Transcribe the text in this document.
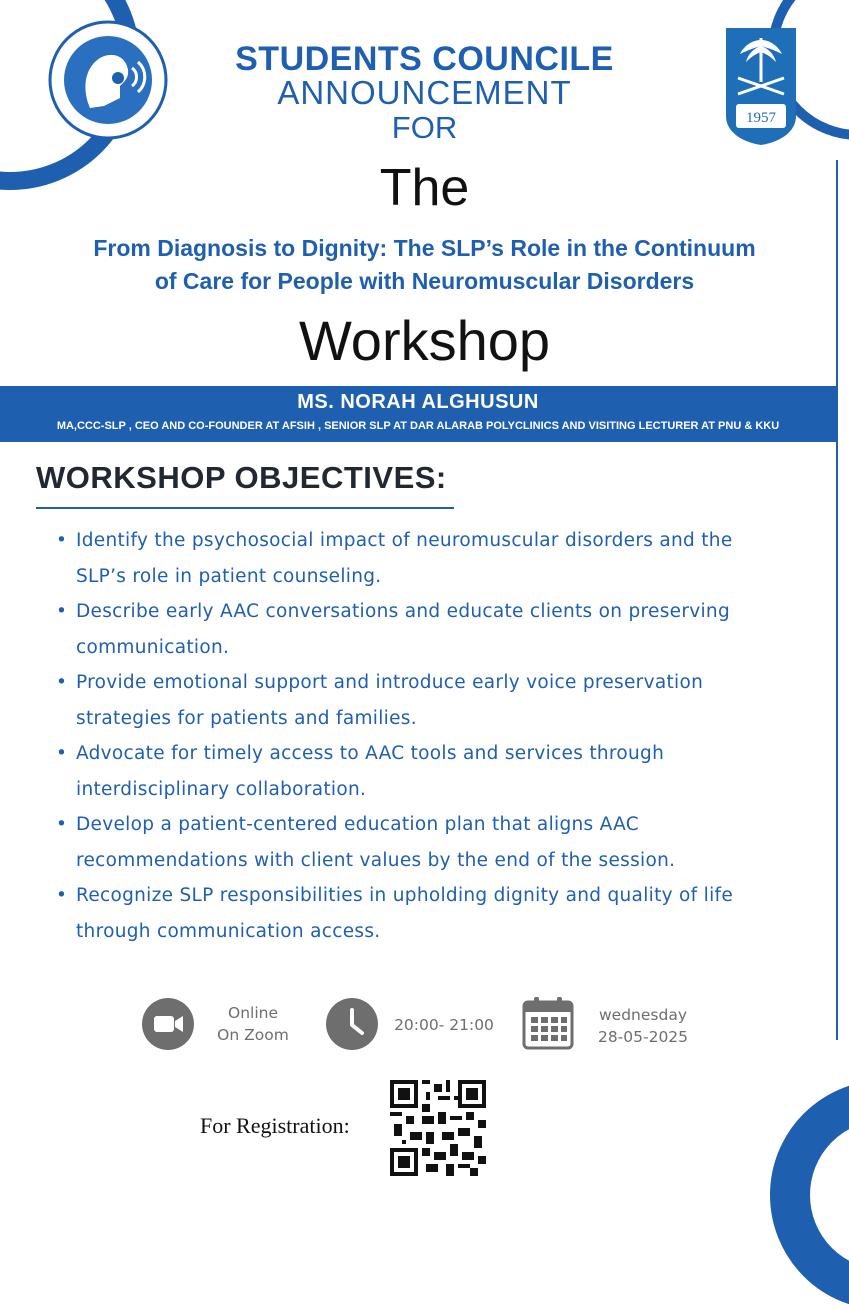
1957
STUDENTS COUNCILE
ANNOUNCEMENT
FOR
The
From Diagnosis to Dignity: The SLP’s Role in the Continuum
of Care for People with Neuromuscular Disorders
Workshop
MS. NORAH ALGHUSUN
MA,CCC-SLP , CEO AND CO-FOUNDER AT AFSIH , SENIOR SLP AT DAR ALARAB POLYCLINICS AND VISITING LECTURER AT PNU & KKU
WORKSHOP OBJECTIVES:
• Identify the psychosocial impact of neuromuscular disorders and the
SLP’s role in patient counseling.
• Describe early AAC conversations and educate clients on preserving
communication.
• Provide emotional support and introduce early voice preservation
strategies for patients and families.
• Advocate for timely access to AAC tools and services through
interdisciplinary collaboration.
• Develop a patient-centered education plan that aligns AAC
recommendations with client values by the end of the session.
• Recognize SLP responsibilities in upholding dignity and quality of life
through communication access.
Online
On Zoom
20:00- 21:00
wednesday
28-05-2025
For Registration:
